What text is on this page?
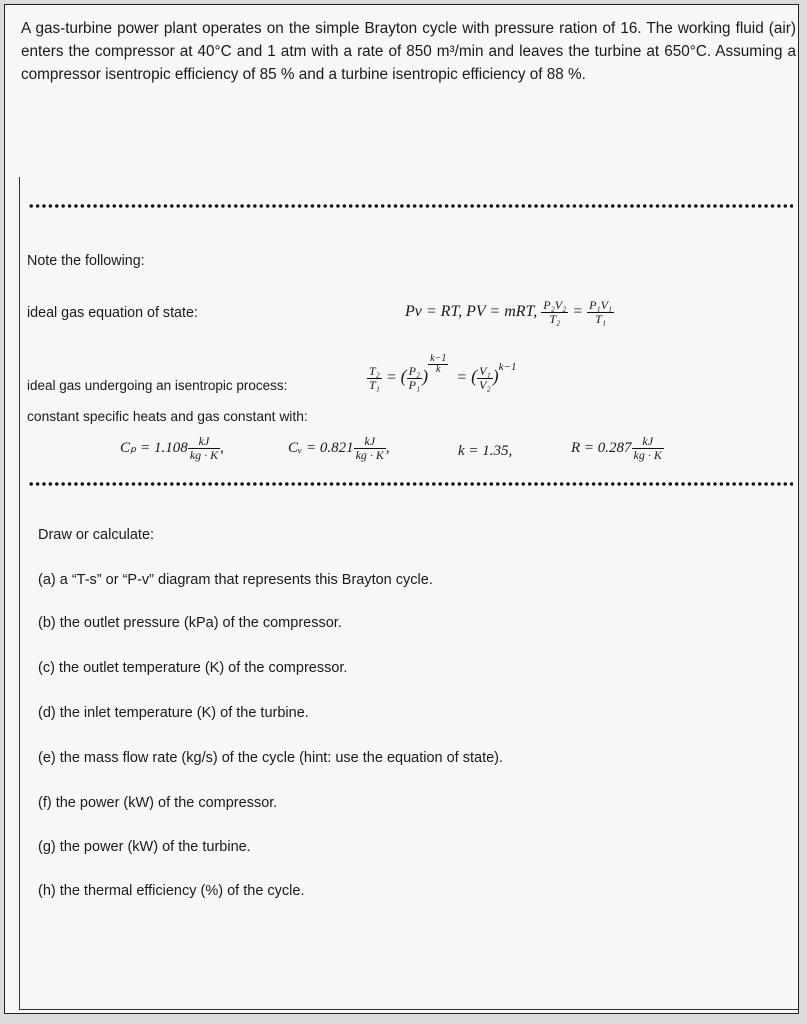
A gas-turbine power plant operates on the simple Brayton cycle with pressure ration of 16. The working fluid (air) enters the compressor at 40°C and 1 atm with a rate of 850 m³/min and leaves the turbine at 650°C. Assuming a compressor isentropic efficiency of 85 % and a turbine isentropic efficiency of 88 %.
Note the following:
ideal gas equation of state:	Pv = RT, PV = mRT, $\frac{\text{P₂V₂}}{\text{T₂}} = \frac{\text{P₁V₁}}{\text{T₁}}$
ideal gas undergoing an isentropic process:	$\frac{\text{T₂}}{\text{T₁}}$ = ( $\frac{\text{P₂}}{\text{P₁}}$ )
$\frac{k-1}{k}$
= ( $\frac{\text{V₁}}{\text{V₂}} )^{k-1}$
constant specific heats and gas constant with:
$C_p = 1.108 \frac{kJ}{kg \cdot K}$ ,	Cᵥ = $0.821 \frac{kJ}{kg \cdot K}$ ,	k = 1.35,	$R = 0.287 \frac{kJ}{kg \cdot K}$
Draw or calculate:
(a) a “T-s” or “P-v” diagram that represents this Brayton cycle.
(b) the outlet pressure (kPa) of the compressor.
(c) the outlet temperature (K) of the compressor.
(d) the inlet temperature (K) of the turbine.
(e) the mass flow rate (kg/s) of the cycle (hint: use the equation of state).
(f) the power (kW) of the compressor.
(g) the power (kW) of the turbine.
(h) the thermal efficiency (%) of the cycle.
